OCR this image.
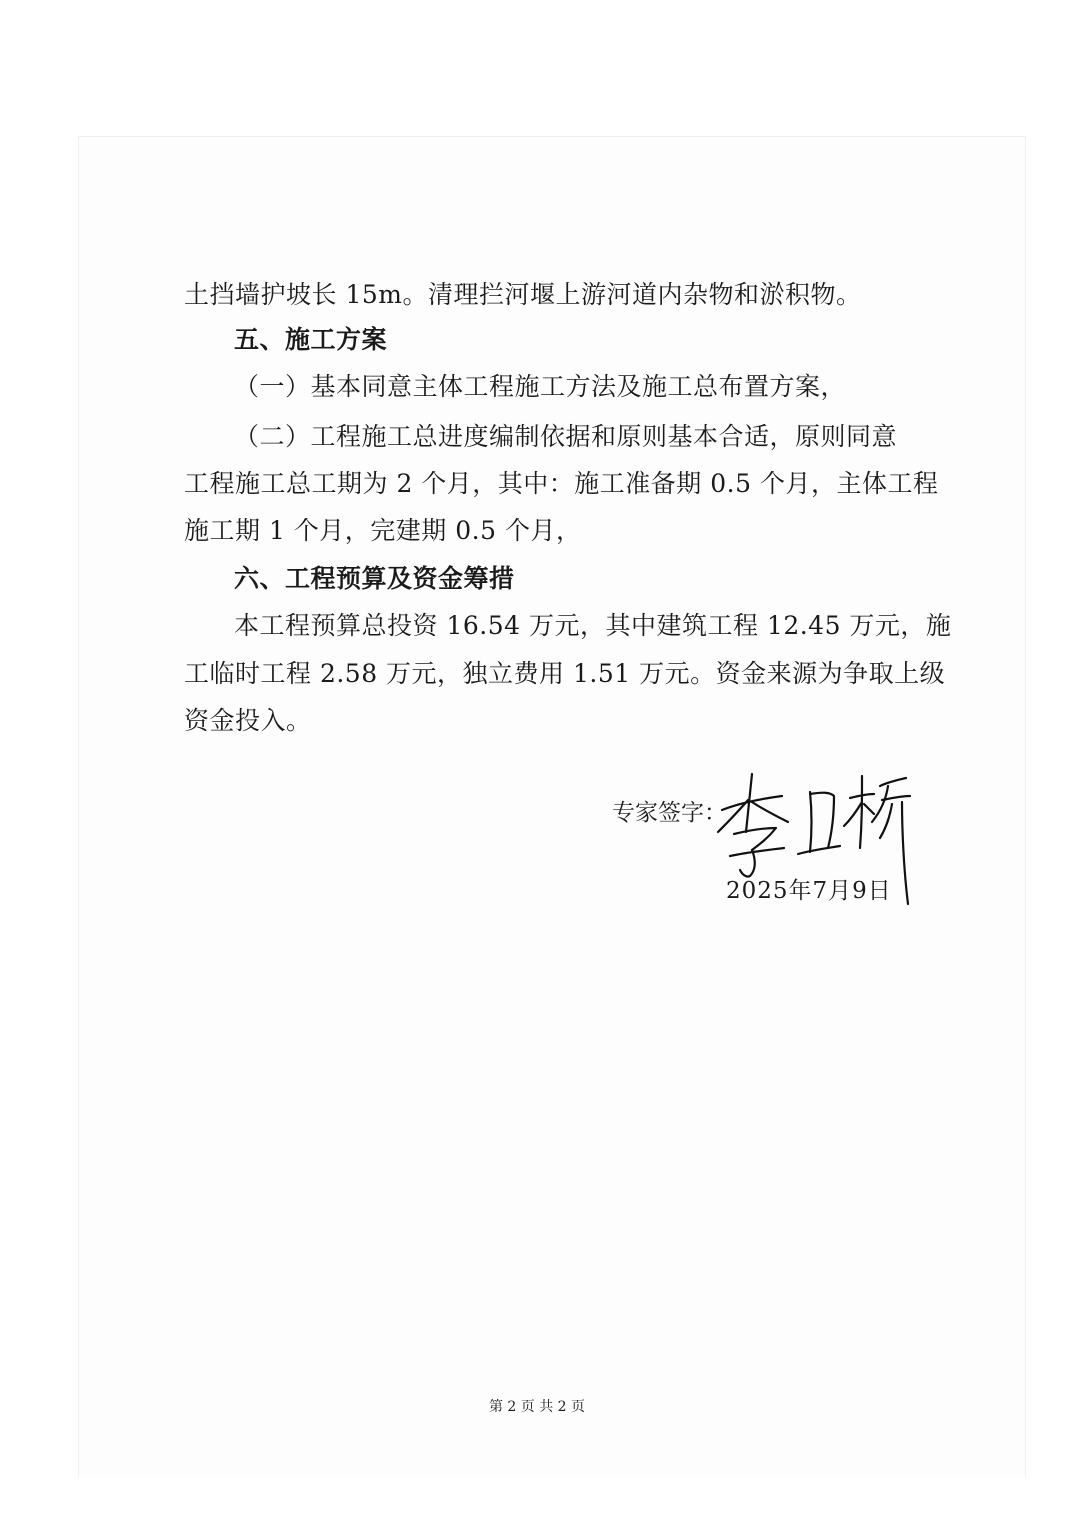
土挡墙护坡长 15m。清理拦河堰上游河道内杂物和淤积物。
五、施工方案
（一）基本同意主体工程施工方法及施工总布置方案，
（二）工程施工总进度编制依据和原则基本合适，原则同意
工程施工总工期为 2 个月，其中：施工准备期 0.5 个月，主体工程
施工期 1 个月，完建期 0.5 个月，
六、工程预算及资金筹措
本工程预算总投资 16.54 万元，其中建筑工程 12.45 万元，施
工临时工程 2.58 万元，独立费用 1.51 万元。资金来源为争取上级
资金投入。
专家签字：
2025年7月9日
第 2 页 共 2 页
